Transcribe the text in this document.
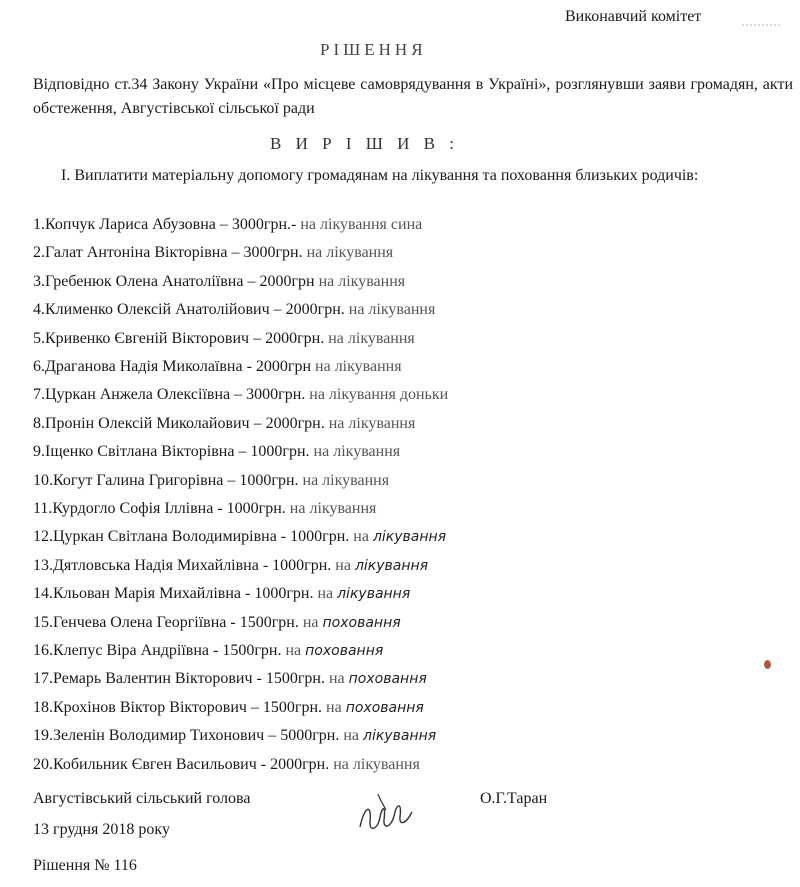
Виконавчий комітет
РІШЕННЯ
Відповідно ст.34 Закону України «Про місцеве самоврядування в Україні», розглянувши заяви громадян, акти обстеження, Августівської сільської ради
В И Р І Ш И В :
І. Виплатити матеріальну допомогу громадянам на лікування та поховання близьких родичів:
1.Копчук Лариса Абузовна – 3000грн.- на лікування сина
2.Галат Антоніна Вікторівна – 3000грн. на лікування
3.Гребенюк Олена Анатоліївна – 2000грн на лікування
4.Клименко Олексій Анатолійович – 2000грн. на лікування
5.Кривенко Євгеній Вікторович – 2000грн. на лікування
6.Драганова Надія Миколаївна - 2000грн на лікування
7.Цуркан Анжела Олексіївна – 3000грн. на лікування доньки
8.Пронін Олексій Миколайович – 2000грн. на лікування
9.Іщенко Світлана Вікторівна – 1000грн. на лікування
10.Когут Галина Григорівна – 1000грн. на лікування
11.Курдогло Софія Іллівна - 1000грн. на лікування
12.Цуркан Світлана Володимирівна - 1000грн. на лікування
13.Дятловська Надія Михайлівна - 1000грн. на лікування
14.Кльован Марія Михайлівна - 1000грн. на лікування
15.Генчева Олена Георгіївна - 1500грн. на поховання
16.Клепус Віра Андріївна - 1500грн. на поховання
17.Ремарь Валентин Вікторович - 1500грн. на поховання
18.Крохінов Віктор Вікторович – 1500грн. на поховання
19.Зеленін Володимир Тихонович – 5000грн. на лікування
20.Кобильник Євген Васильович - 2000грн. на лікування
Августівський сільський голова	О.Г.Таран
13 грудня 2018 року
Рішення № 116
